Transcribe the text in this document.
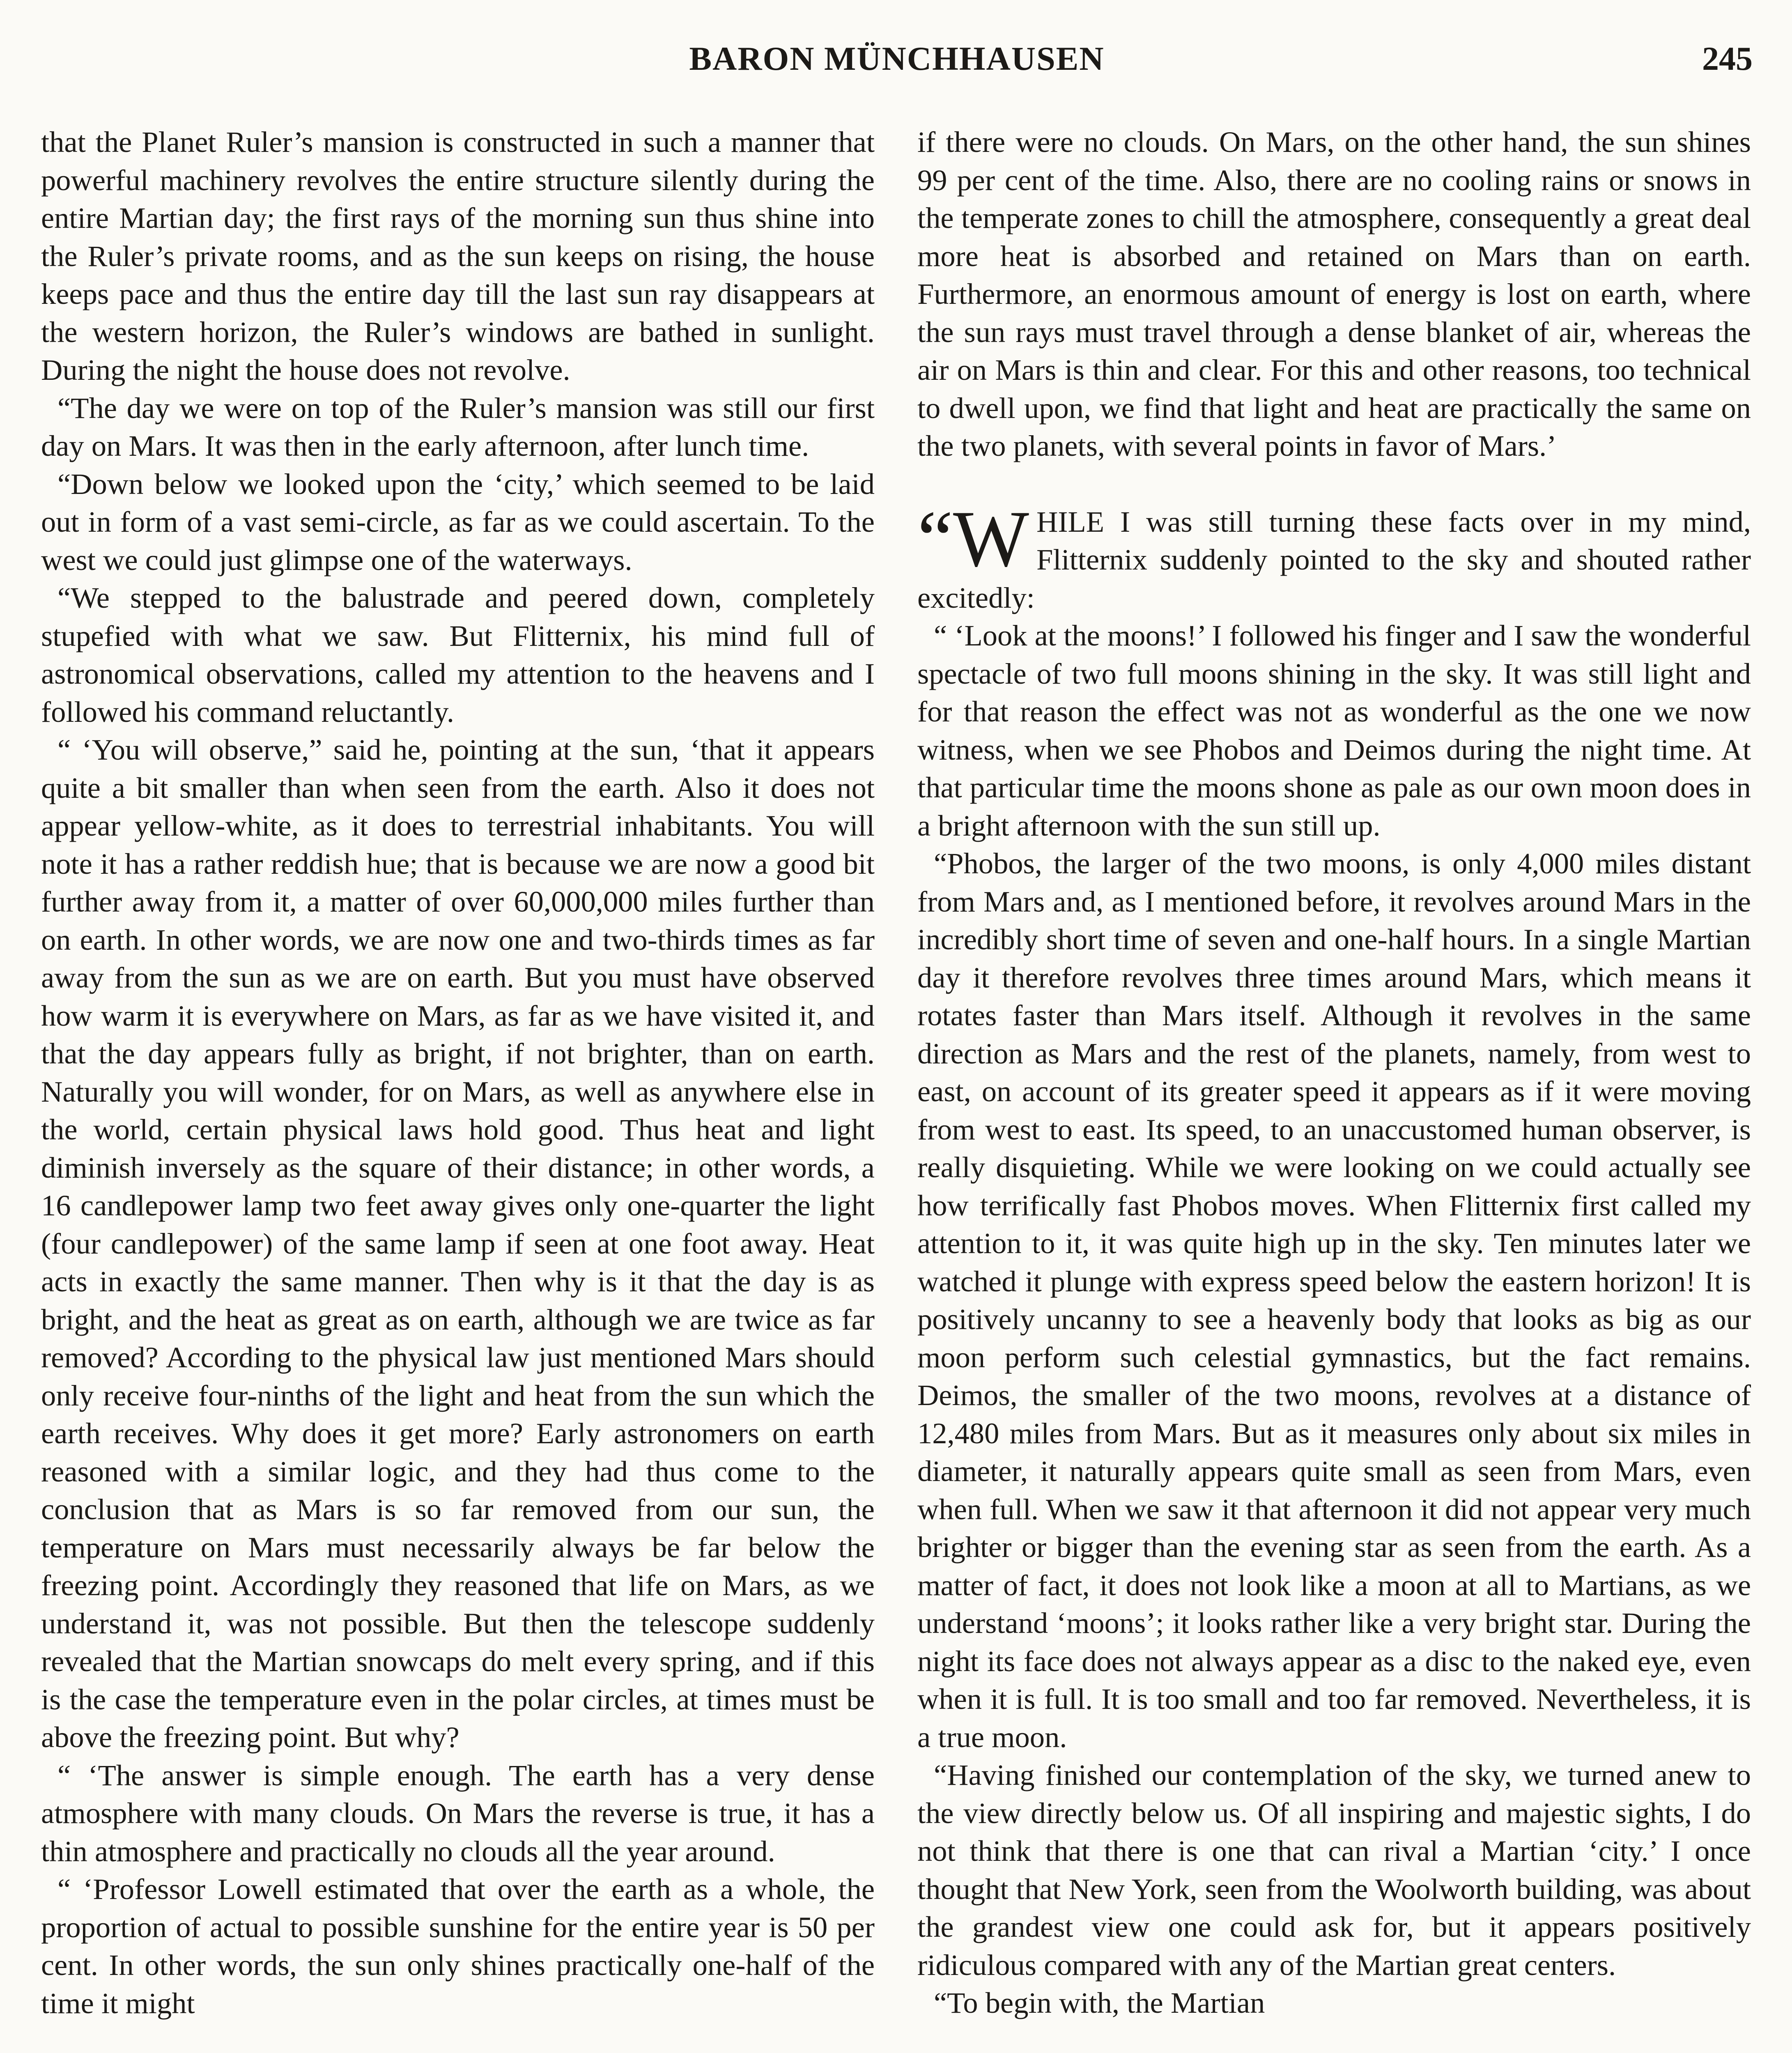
BARON MÜNCHHAUSEN	245

that the Planet Ruler’s mansion is constructed in such a manner that powerful machinery revolves the entire structure silently during the entire Martian day; the first rays of the morning sun thus shine into the Ruler’s private rooms, and as the sun keeps on rising, the house keeps pace and thus the entire day till the last sun ray disappears at the western horizon, the Ruler’s windows are bathed in sunlight. During the night the house does not revolve.

“The day we were on top of the Ruler’s mansion was still our first day on Mars. It was then in the early afternoon, after lunch time.

“Down below we looked upon the ‘city,’ which seemed to be laid out in form of a vast semi-circle, as far as we could ascertain. To the west we could just glimpse one of the waterways.

“We stepped to the balustrade and peered down, completely stupefied with what we saw. But Flitternix, his mind full of astronomical observations, called my attention to the heavens and I followed his command reluctantly.

“ ‘You will observe,” said he, pointing at the sun, ‘that it appears quite a bit smaller than when seen from the earth. Also it does not appear yellow-white, as it does to terrestrial inhabitants. You will note it has a rather reddish hue; that is because we are now a good bit further away from it, a matter of over 60,000,000 miles further than on earth. In other words, we are now one and two-thirds times as far away from the sun as we are on earth. But you must have observed how warm it is everywhere on Mars, as far as we have visited it, and that the day appears fully as bright, if not brighter, than on earth. Naturally you will wonder, for on Mars, as well as anywhere else in the world, certain physical laws hold good. Thus heat and light diminish inversely as the square of their distance; in other words, a 16 candlepower lamp two feet away gives only one-quarter the light (four candlepower) of the same lamp if seen at one foot away. Heat acts in exactly the same manner. Then why is it that the day is as bright, and the heat as great as on earth, although we are twice as far removed? According to the physical law just mentioned Mars should only receive four-ninths of the light and heat from the sun which the earth receives. Why does it get more? Early astronomers on earth reasoned with a similar logic, and they had thus come to the conclusion that as Mars is so far removed from our sun, the temperature on Mars must necessarily always be far below the freezing point. Accordingly they reasoned that life on Mars, as we understand it, was not possible. But then the telescope suddenly revealed that the Martian snowcaps do melt every spring, and if this is the case the temperature even in the polar circles, at times must be above the freezing point. But why?

“ ‘The answer is simple enough. The earth has a very dense atmosphere with many clouds. On Mars the reverse is true, it has a thin atmosphere and practically no clouds all the year around.

“ ‘Professor Lowell estimated that over the earth as a whole, the proportion of actual to possible sunshine for the entire year is 50 per cent. In other words, the sun only shines practically one-half of the time it might

if there were no clouds. On Mars, on the other hand, the sun shines 99 per cent of the time. Also, there are no cooling rains or snows in the temperate zones to chill the atmosphere, consequently a great deal more heat is absorbed and retained on Mars than on earth. Furthermore, an enormous amount of energy is lost on earth, where the sun rays must travel through a dense blanket of air, whereas the air on Mars is thin and clear. For this and other reasons, too technical to dwell upon, we find that light and heat are practically the same on the two planets, with several points in favor of Mars.’

“W HILE I was still turning these facts over in my mind, Flitternix suddenly pointed to the sky and shouted rather excitedly:

“ ‘Look at the moons!’ I followed his finger and I saw the wonderful spectacle of two full moons shining in the sky. It was still light and for that reason the effect was not as wonderful as the one we now witness, when we see Phobos and Deimos during the night time. At that particular time the moons shone as pale as our own moon does in a bright afternoon with the sun still up.

“Phobos, the larger of the two moons, is only 4,000 miles distant from Mars and, as I mentioned before, it revolves around Mars in the incredibly short time of seven and one-half hours. In a single Martian day it therefore revolves three times around Mars, which means it rotates faster than Mars itself. Although it revolves in the same direction as Mars and the rest of the planets, namely, from west to east, on account of its greater speed it appears as if it were moving from west to east. Its speed, to an unaccustomed human observer, is really disquieting. While we were looking on we could actually see how terrifically fast Phobos moves. When Flitternix first called my attention to it, it was quite high up in the sky. Ten minutes later we watched it plunge with express speed below the eastern horizon! It is positively uncanny to see a heavenly body that looks as big as our moon perform such celestial gymnastics, but the fact remains. Deimos, the smaller of the two moons, revolves at a distance of 12,480 miles from Mars. But as it measures only about six miles in diameter, it naturally appears quite small as seen from Mars, even when full. When we saw it that afternoon it did not appear very much brighter or bigger than the evening star as seen from the earth. As a matter of fact, it does not look like a moon at all to Martians, as we understand ‘moons’; it looks rather like a very bright star. During the night its face does not always appear as a disc to the naked eye, even when it is full. It is too small and too far removed. Nevertheless, it is a true moon.

“Having finished our contemplation of the sky, we turned anew to the view directly below us. Of all inspiring and majestic sights, I do not think that there is one that can rival a Martian ‘city.’ I once thought that New York, seen from the Woolworth building, was about the grandest view one could ask for, but it appears positively ridiculous compared with any of the Martian great centers.

“To begin with, the Martian
